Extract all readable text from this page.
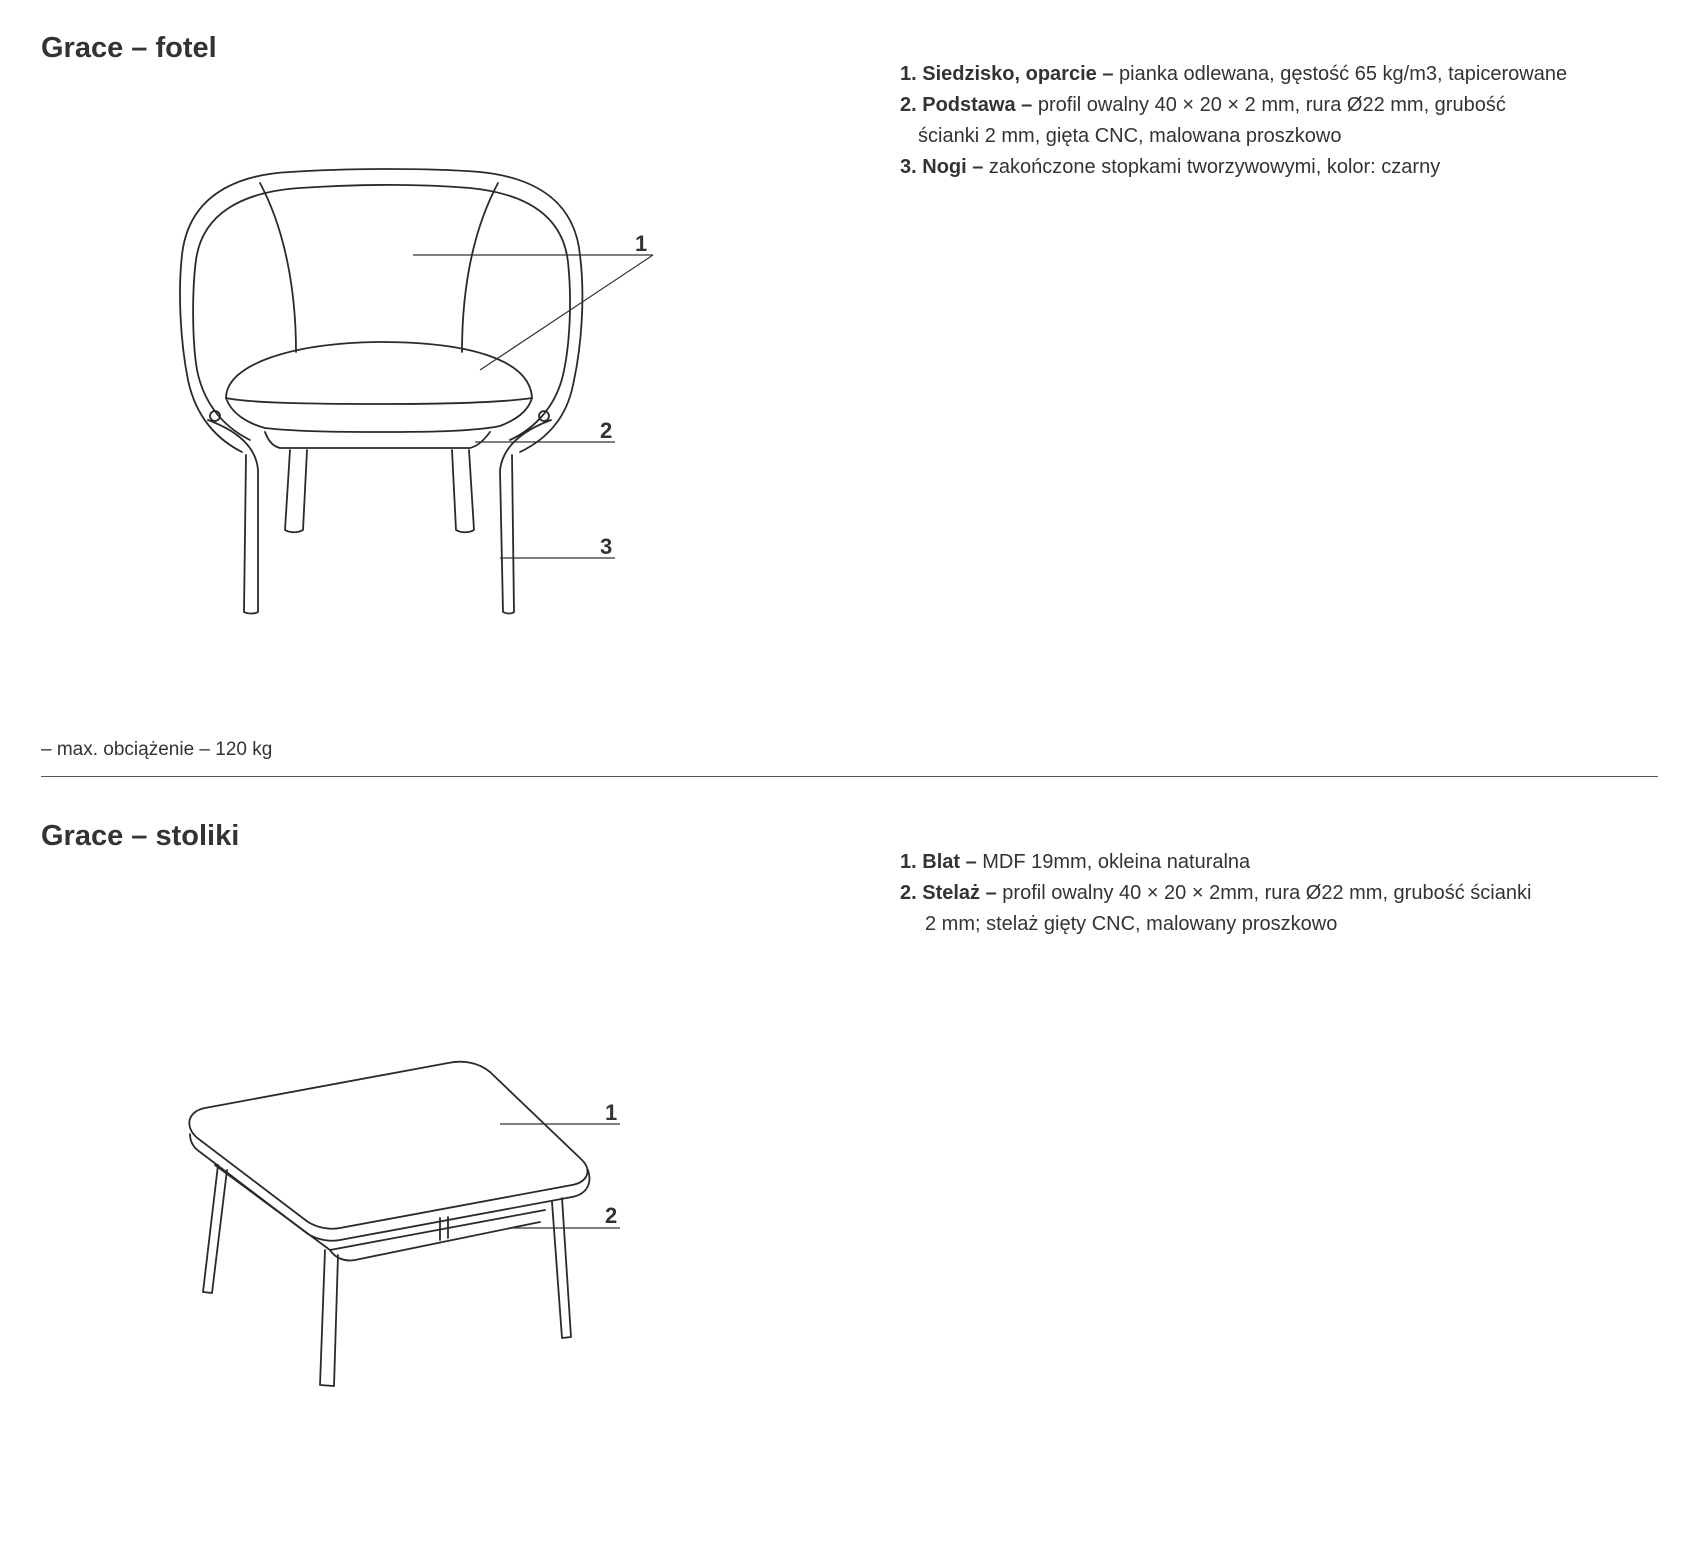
Grace – fotel
1. Siedzisko, oparcie – pianka odlewana, gęstość 65 kg/m3, tapicerowane
2. Podstawa – profil owalny 40 × 20 × 2 mm, rura Ø22 mm, grubość
ścianki 2 mm, gięta CNC, malowana proszkowo
3. Nogi – zakończone stopkami tworzywowymi, kolor: czarny
1
2
3
1
2
– max. obciążenie – 120 kg
Grace – stoliki
1. Blat – MDF 19mm, okleina naturalna
2. Stelaż – profil owalny 40 × 20 × 2mm, rura Ø22 mm, grubość ścianki
2 mm; stelaż gięty CNC, malowany proszkowo
